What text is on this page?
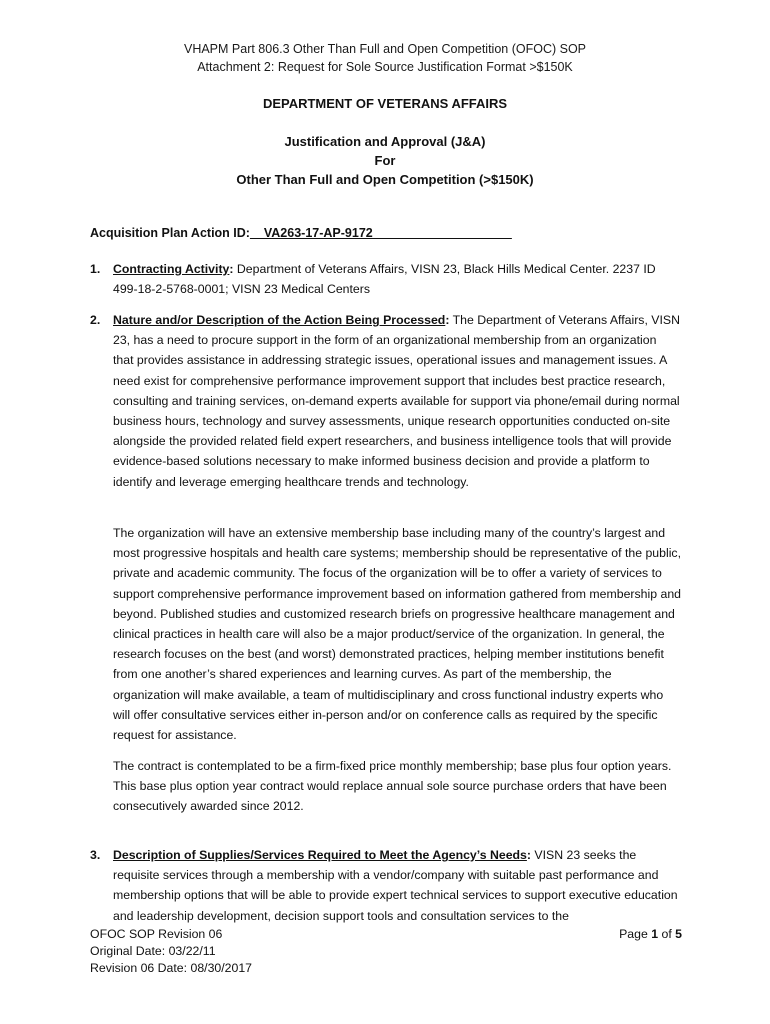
VHAPM Part 806.3 Other Than Full and Open Competition (OFOC) SOP
Attachment 2: Request for Sole Source Justification Format >$150K
DEPARTMENT OF VETERANS AFFAIRS
Justification and Approval (J&A)
For
Other Than Full and Open Competition (>$150K)
Acquisition Plan Action ID:__VA263-17-AP-9172____________________
1. Contracting Activity: Department of Veterans Affairs, VISN 23, Black Hills Medical Center. 2237 ID 499-18-2-5768-0001; VISN 23 Medical Centers
2. Nature and/or Description of the Action Being Processed: The Department of Veterans Affairs, VISN 23, has a need to procure support in the form of an organizational membership from an organization that provides assistance in addressing strategic issues, operational issues and management issues. A need exist for comprehensive performance improvement support that includes best practice research, consulting and training services, on-demand experts available for support via phone/email during normal business hours, technology and survey assessments, unique research opportunities conducted on-site alongside the provided related field expert researchers, and business intelligence tools that will provide evidence-based solutions necessary to make informed business decision and provide a platform to identify and leverage emerging healthcare trends and technology.

The organization will have an extensive membership base including many of the country’s largest and most progressive hospitals and health care systems; membership should be representative of the public, private and academic community. The focus of the organization will be to offer a variety of services to support comprehensive performance improvement based on information gathered from membership and beyond. Published studies and customized research briefs on progressive healthcare management and clinical practices in health care will also be a major product/service of the organization. In general, the research focuses on the best (and worst) demonstrated practices, helping member institutions benefit from one another’s shared experiences and learning curves. As part of the membership, the organization will make available, a team of multidisciplinary and cross functional industry experts who will offer consultative services either in-person and/or on conference calls as required by the specific request for assistance.

The contract is contemplated to be a firm-fixed price monthly membership; base plus four option years. This base plus option year contract would replace annual sole source purchase orders that have been consecutively awarded since 2012.

3. Description of Supplies/Services Required to Meet the Agency’s Needs: VISN 23 seeks the requisite services through a membership with a vendor/company with suitable past performance and membership options that will be able to provide expert technical services to support executive education and leadership development, decision support tools and consultation services to the
OFOC SOP Revision 06
Original Date: 03/22/11
Revision 06 Date: 08/30/2017
Page 1 of 5
